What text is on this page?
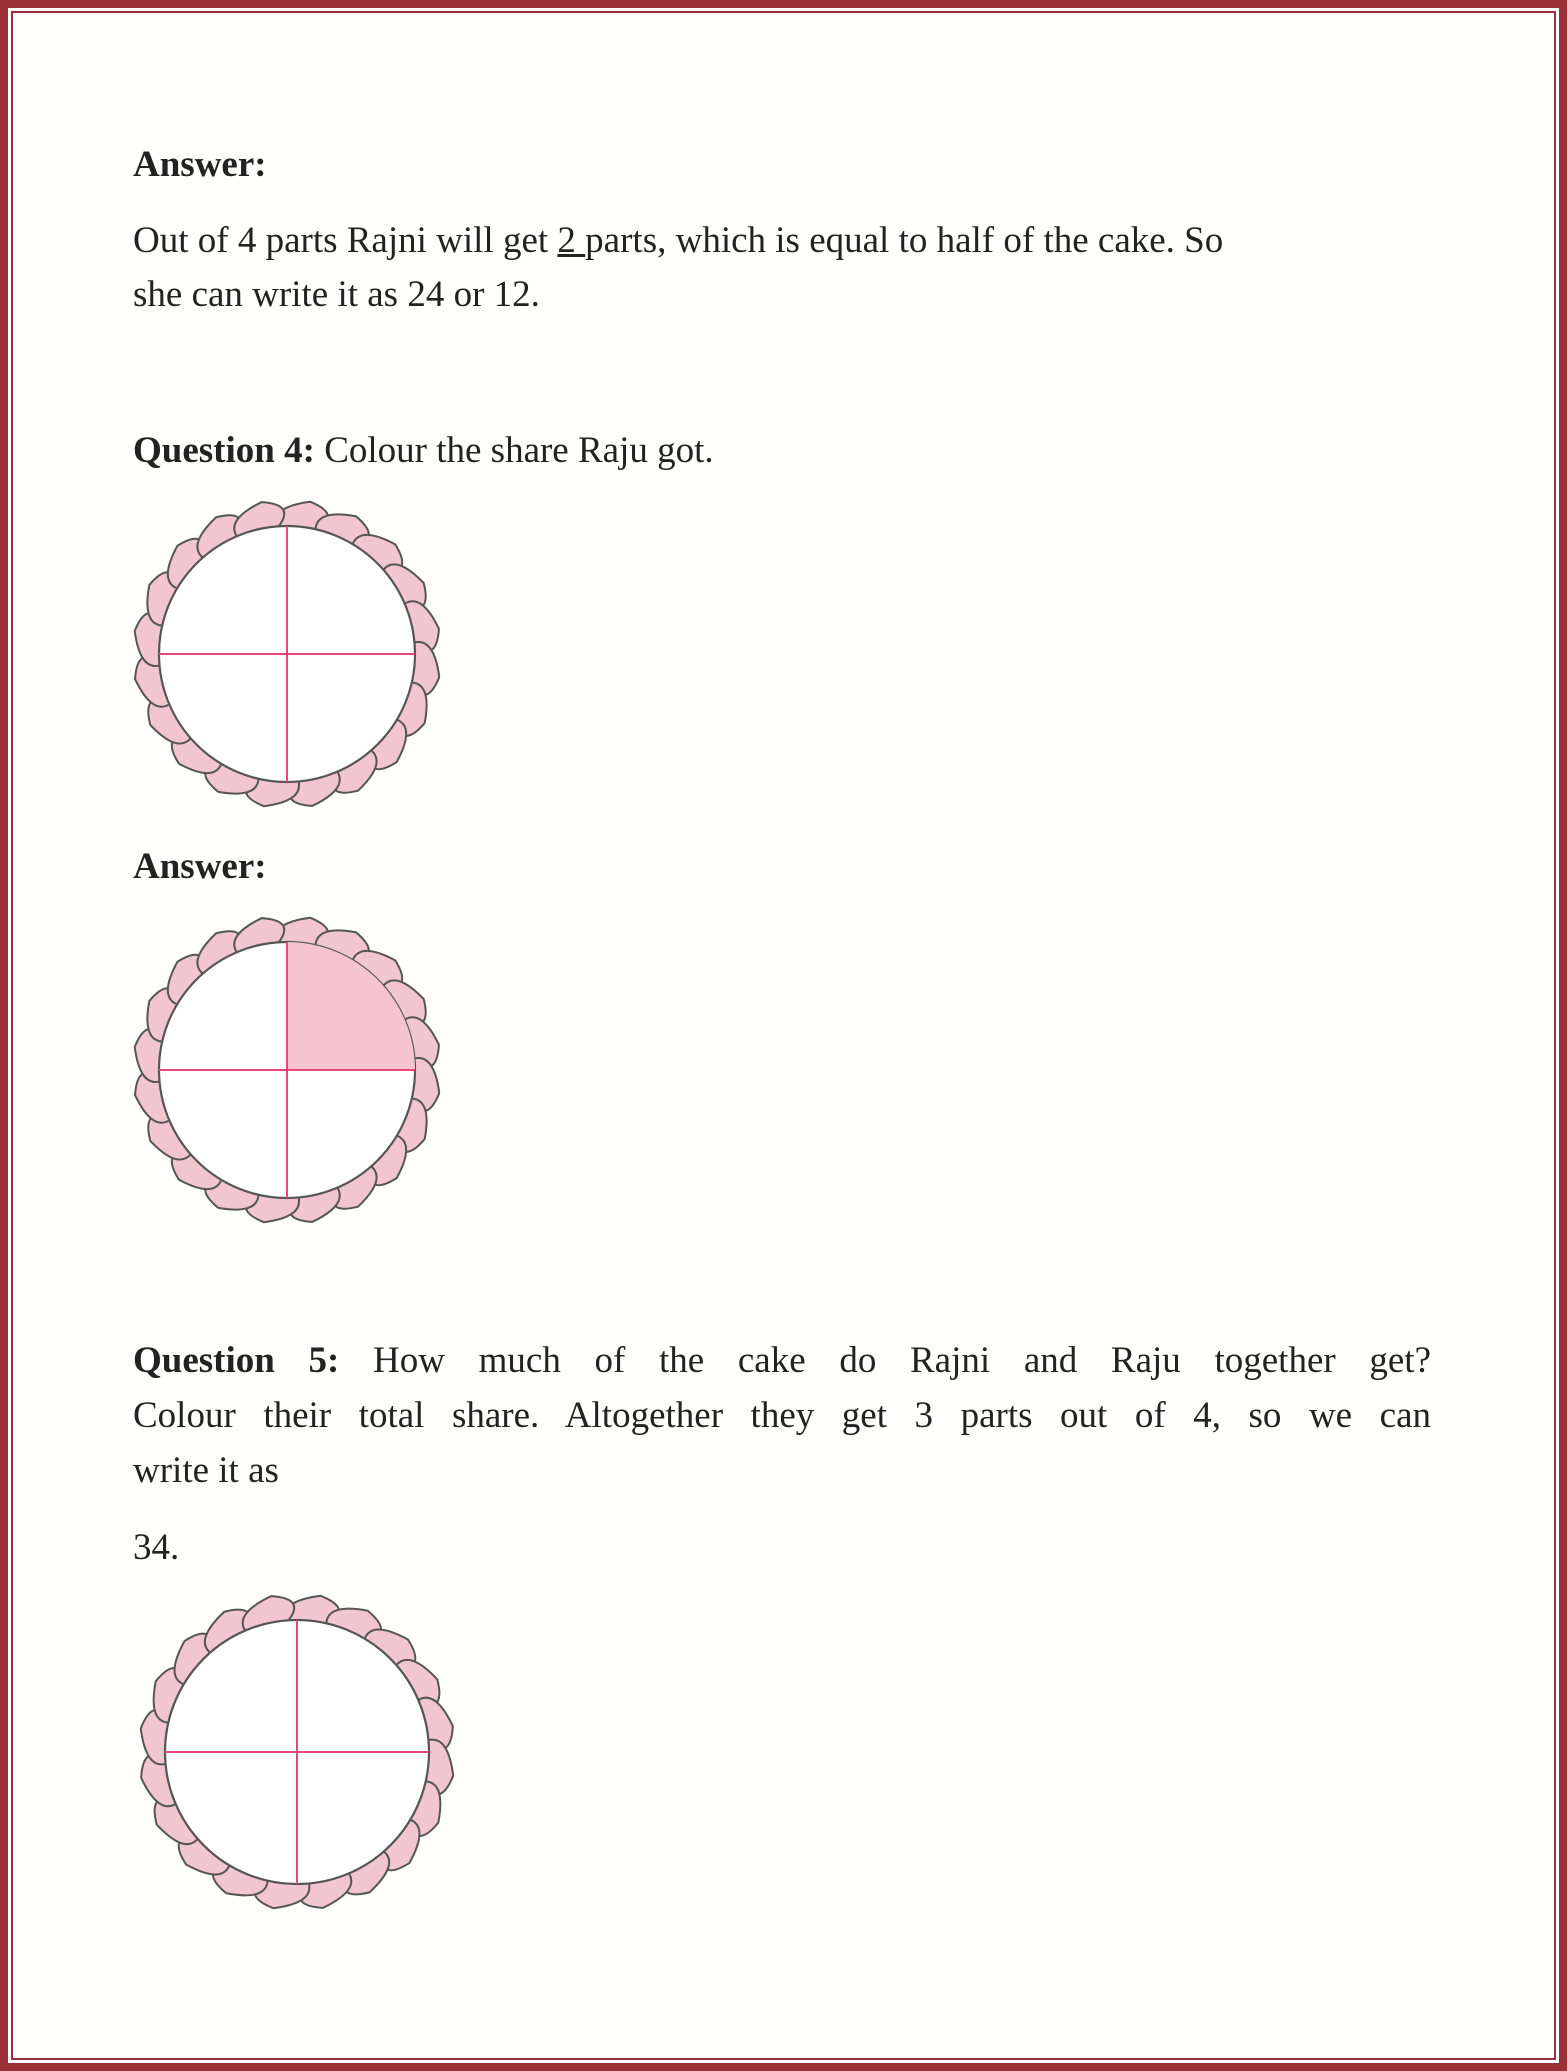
Answer:
Out of 4 parts Rajni will get 2 parts, which is equal to half of the cake. So
she can write it as 24 or 12.
Question 4: Colour the share Raju got.
Answer:
Question 5: How much of the cake do Rajni and Raju together get?
Colour their total share. Altogether they get 3 parts out of 4, so we can
write it as
34.
